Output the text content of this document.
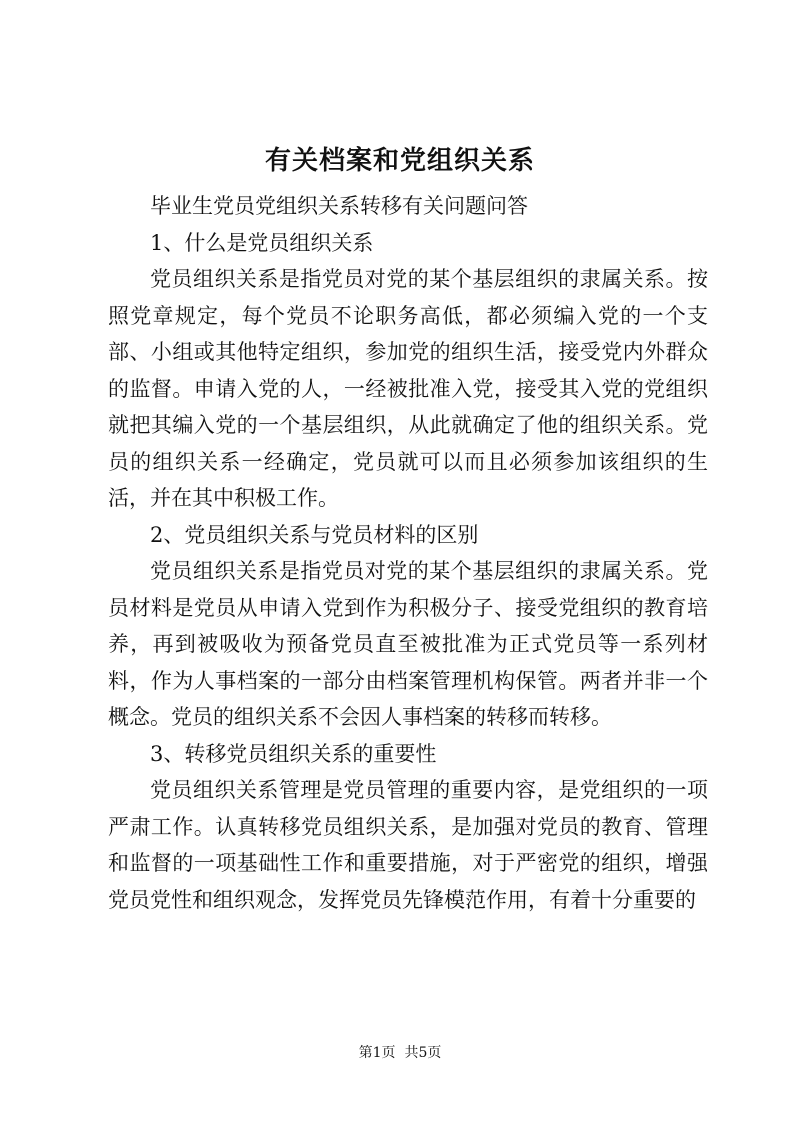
有关档案和党组织关系

毕业生党员党组织关系转移有关问题问答

1、什么是党员组织关系

党员组织关系是指党员对党的某个基层组织的隶属关系。按照党章规定，每个党员不论职务高低，都必须编入党的一个支部、小组或其他特定组织，参加党的组织生活，接受党内外群众的监督。申请入党的人，一经被批准入党，接受其入党的党组织就把其编入党的一个基层组织，从此就确定了他的组织关系。党员的组织关系一经确定，党员就可以而且必须参加该组织的生活，并在其中积极工作。

2、党员组织关系与党员材料的区别

党员组织关系是指党员对党的某个基层组织的隶属关系。党员材料是党员从申请入党到作为积极分子、接受党组织的教育培养，再到被吸收为预备党员直至被批准为正式党员等一系列材料，作为人事档案的一部分由档案管理机构保管。两者并非一个概念。党员的组织关系不会因人事档案的转移而转移。

3、转移党员组织关系的重要性

党员组织关系管理是党员管理的重要内容，是党组织的一项严肃工作。认真转移党员组织关系，是加强对党员的教育、管理和监督的一项基础性工作和重要措施，对于严密党的组织，增强党员党性和组织观念，发挥党员先锋模范作用，有着十分重要的

第1页  共5页
